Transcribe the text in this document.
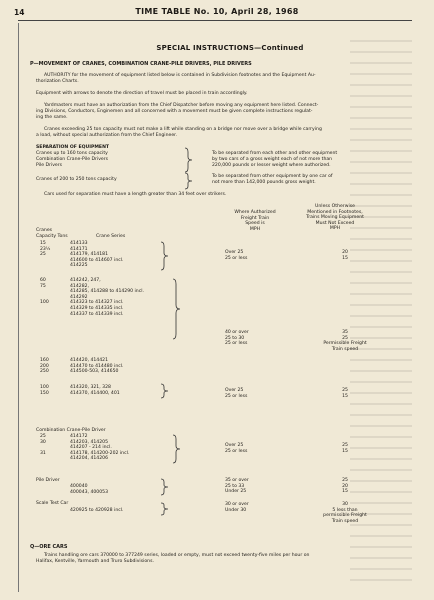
14	TIME TABLE No. 10, April 28, 1968
SPECIAL INSTRUCTIONS—Continued
P—MOVEMENT OF CRANES, COMBINATION CRANE-PILE DRIVERS, PILE DRIVERS
AUTHORITY for the movement of equipment listed below is contained in Subdivision footnotes and the Equipment Au-
thorization Charts.
Equipment with arrows to denote the direction of travel must be placed in train accordingly.
Yardmasters must have an authorization from the Chief Dispatcher before moving any equipment here listed. Connect-
ing Divisions, Conductors, Enginemen and all concerned with a movement must be given complete instructions regulat-
ing the same.
Cranes exceeding 25 ton capacity must not make a lift while standing on a bridge nor move over a bridge while carrying
a load, without special authorization from the Chief Engineer.
SEPARATION OF EQUIPMENT
Cranes up to 160 tons capacity
Combination Crane-Pile Drivers
Pile Drivers
To be separated from each other and other equipment
by two cars of a gross weight each of not more than
220,000 pounds or lesser weight where authorized.
Cranes of 200 to 250 tons capacity
To be separated from other equipment by one car of
not more than 142,000 pounds gross weight.
Cars used for separation must have a length greater than 34 feet over strikers.
Unless Otherwise
Mentioned in Footnotes,
Trains Moving Equipment
Must Not Exceed
MPH
Where Authorized
Freight Train
Speed is
MPH
Cranes
Capacity Tons	Crane Series
15
23½
25

414133
414171
414179, 414181
414600 to 414607 incl.
414225
Over 25
25 or less
20
15
60
75

100
414242, 247,
414282,
414285, 414288 to 414290 incl.
414292
414323 to 414327 incl.
414329 to 414335 incl.
414337 to 414339 incl.
40 or over
25 to 30
25 or less
35
25
Permissible Freight
Train speed
160
200
250
414420, 414421
414470 to 414480 incl.
414500-503, 414650
100
150
414320, 321, 328
414370, 414400, 401
Over 25
25 or less
25
15
Combination Crane-Pile Driver
25
30

31

414172
414203, 414205
414207 - 214 incl.
414178, 414200-202 incl.
414204, 414206
Over 25
25 or less
25
15
Pile Driver
400040
400043, 400053
35 or over
25 to 33
Under 25
25
20
15
Scale Test Car
420925 to 420928 incl.
30 or over
Under 30
30
5 less than
permissible Freight
Train speed
Q—ORE CARS
Trains handling ore cars 370000 to 377249 series, loaded or empty, must not exceed twenty-five miles per hour on
Halifax, Kentville, Yarmouth and Truro Subdivisions.
